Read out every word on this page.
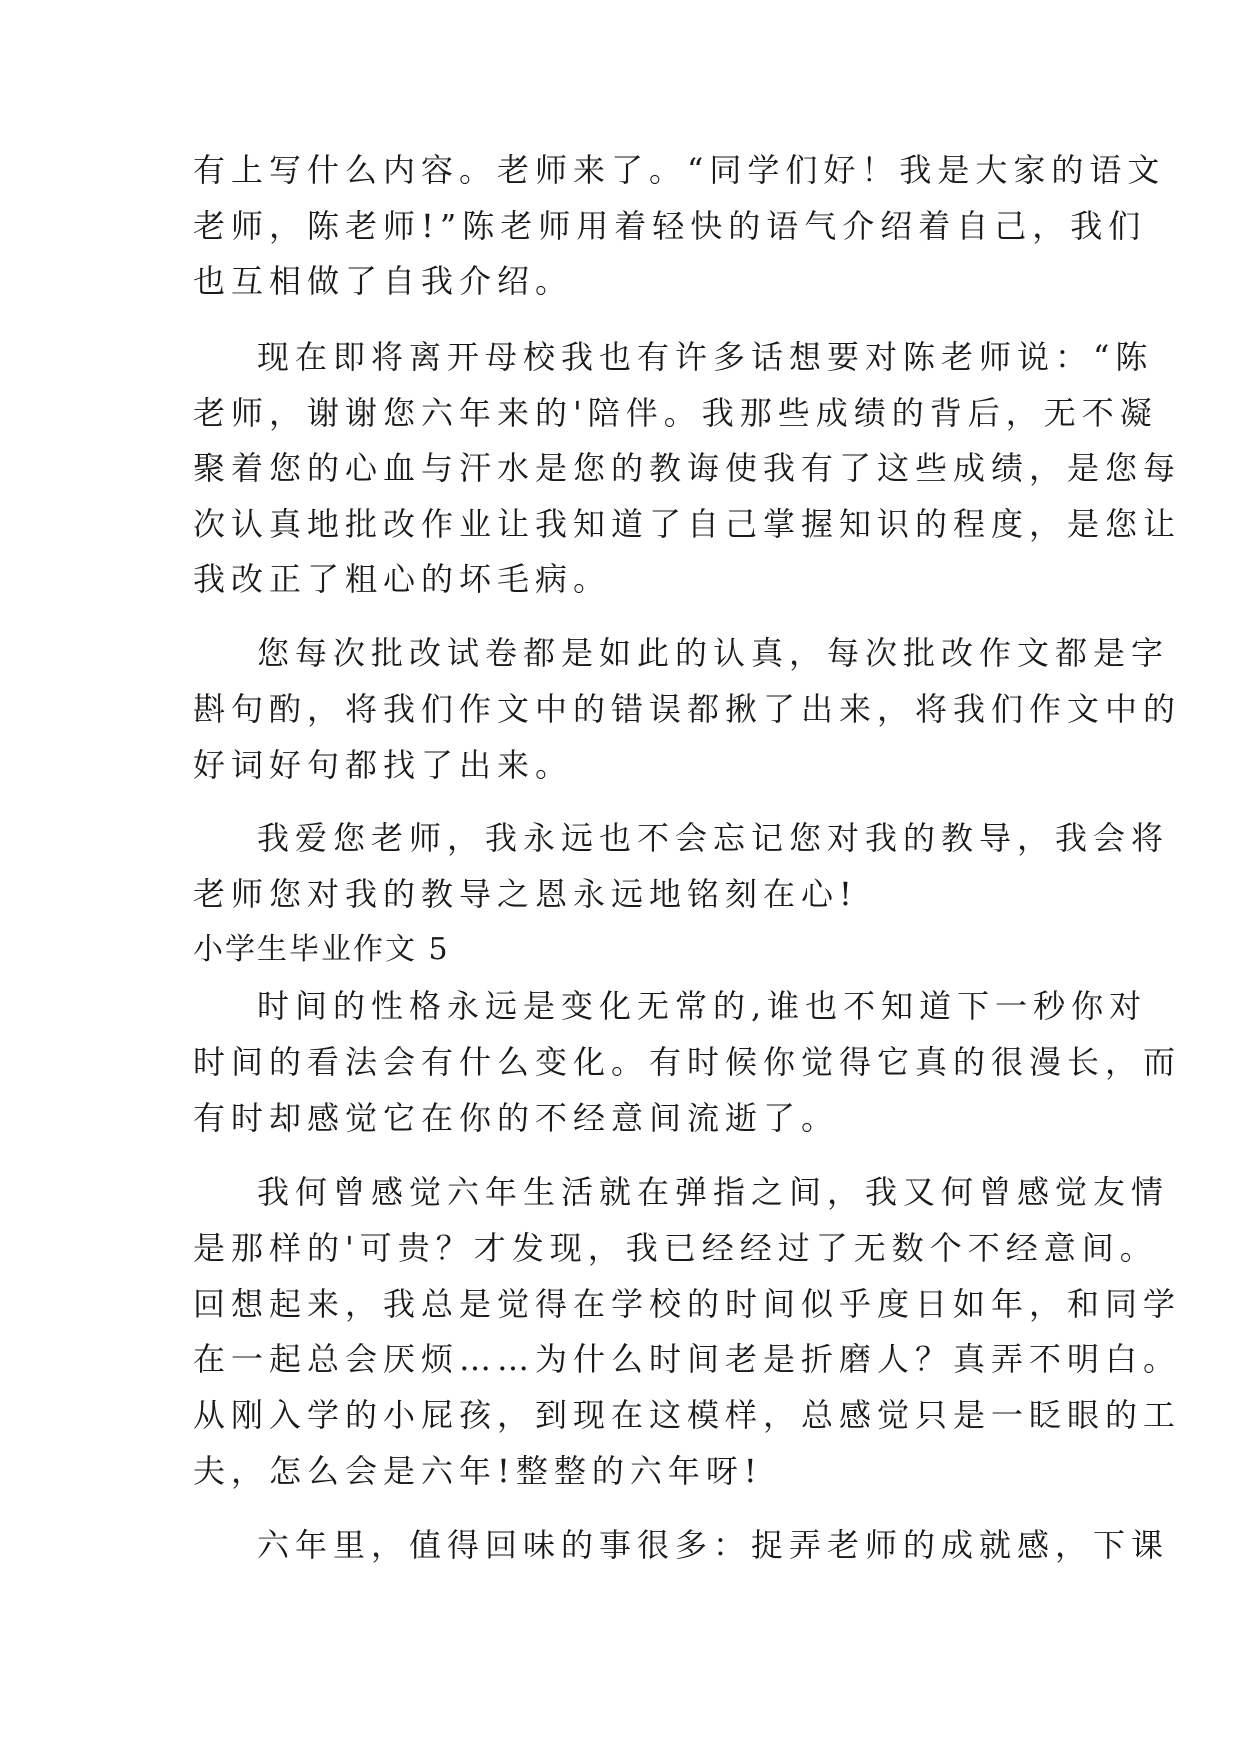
有上写什么内容。老师来了。“同学们好！我是大家的语文
老师，陈老师!”陈老师用着轻快的语气介绍着自己，我们
也互相做了自我介绍。
现在即将离开母校我也有许多话想要对陈老师说：“陈
老师，谢谢您六年来的'陪伴。我那些成绩的背后，无不凝
聚着您的心血与汗水是您的教诲使我有了这些成绩，是您每
次认真地批改作业让我知道了自己掌握知识的程度，是您让
我改正了粗心的坏毛病。
您每次批改试卷都是如此的认真，每次批改作文都是字
斟句酌，将我们作文中的错误都揪了出来，将我们作文中的
好词好句都找了出来。
我爱您老师，我永远也不会忘记您对我的教导，我会将
老师您对我的教导之恩永远地铭刻在心!
小学生毕业作文 5
时间的性格永远是变化无常的,谁也不知道下一秒你对
时间的看法会有什么变化。有时候你觉得它真的很漫长，而
有时却感觉它在你的不经意间流逝了。
我何曾感觉六年生活就在弹指之间，我又何曾感觉友情
是那样的'可贵？才发现，我已经经过了无数个不经意间。
回想起来，我总是觉得在学校的时间似乎度日如年，和同学
在一起总会厌烦……为什么时间老是折磨人？真弄不明白。
从刚入学的小屁孩，到现在这模样，总感觉只是一眨眼的工
夫，怎么会是六年!整整的六年呀!
六年里，值得回味的事很多：捉弄老师的成就感，下课
